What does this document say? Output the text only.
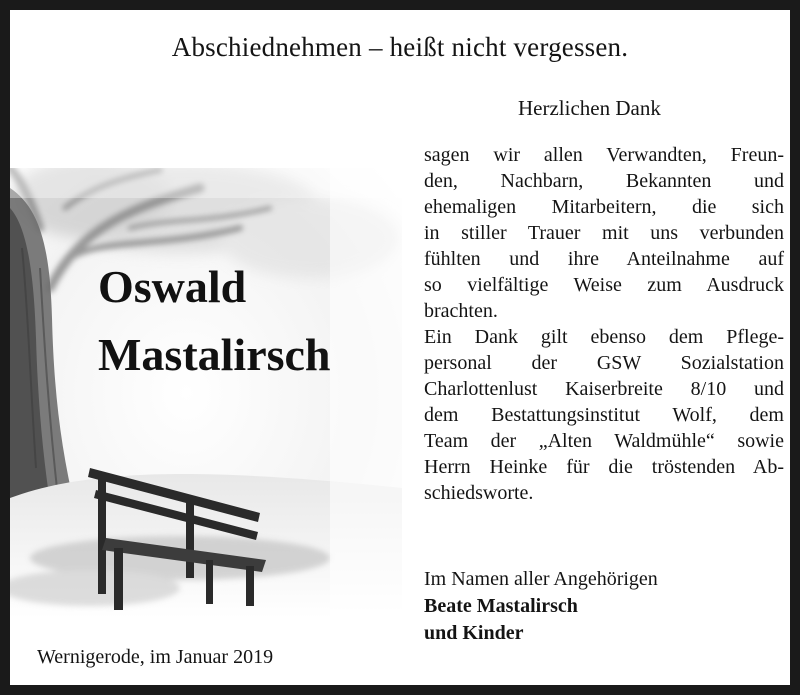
Abschiednehmen – heißt nicht vergessen.
Herzlichen Dank
Oswald
Mastalirsch
sagen wir allen Verwandten, Freun-
den, Nachbarn, Bekannten und
ehemaligen Mitarbeitern, die sich
in stiller Trauer mit uns verbunden
fühlten und ihre Anteilnahme auf
so vielfältige Weise zum Ausdruck
brachten.
Ein Dank gilt ebenso dem Pflege-
personal der GSW Sozialstation
Charlottenlust Kaiserbreite 8/10 und
dem Bestattungsinstitut Wolf, dem
Team der „Alten Waldmühle“ sowie
Herrn Heinke für die tröstenden Ab-
schiedsworte.
Im Namen aller Angehörigen
Beate Mastalirsch
und Kinder
Wernigerode, im Januar 2019
